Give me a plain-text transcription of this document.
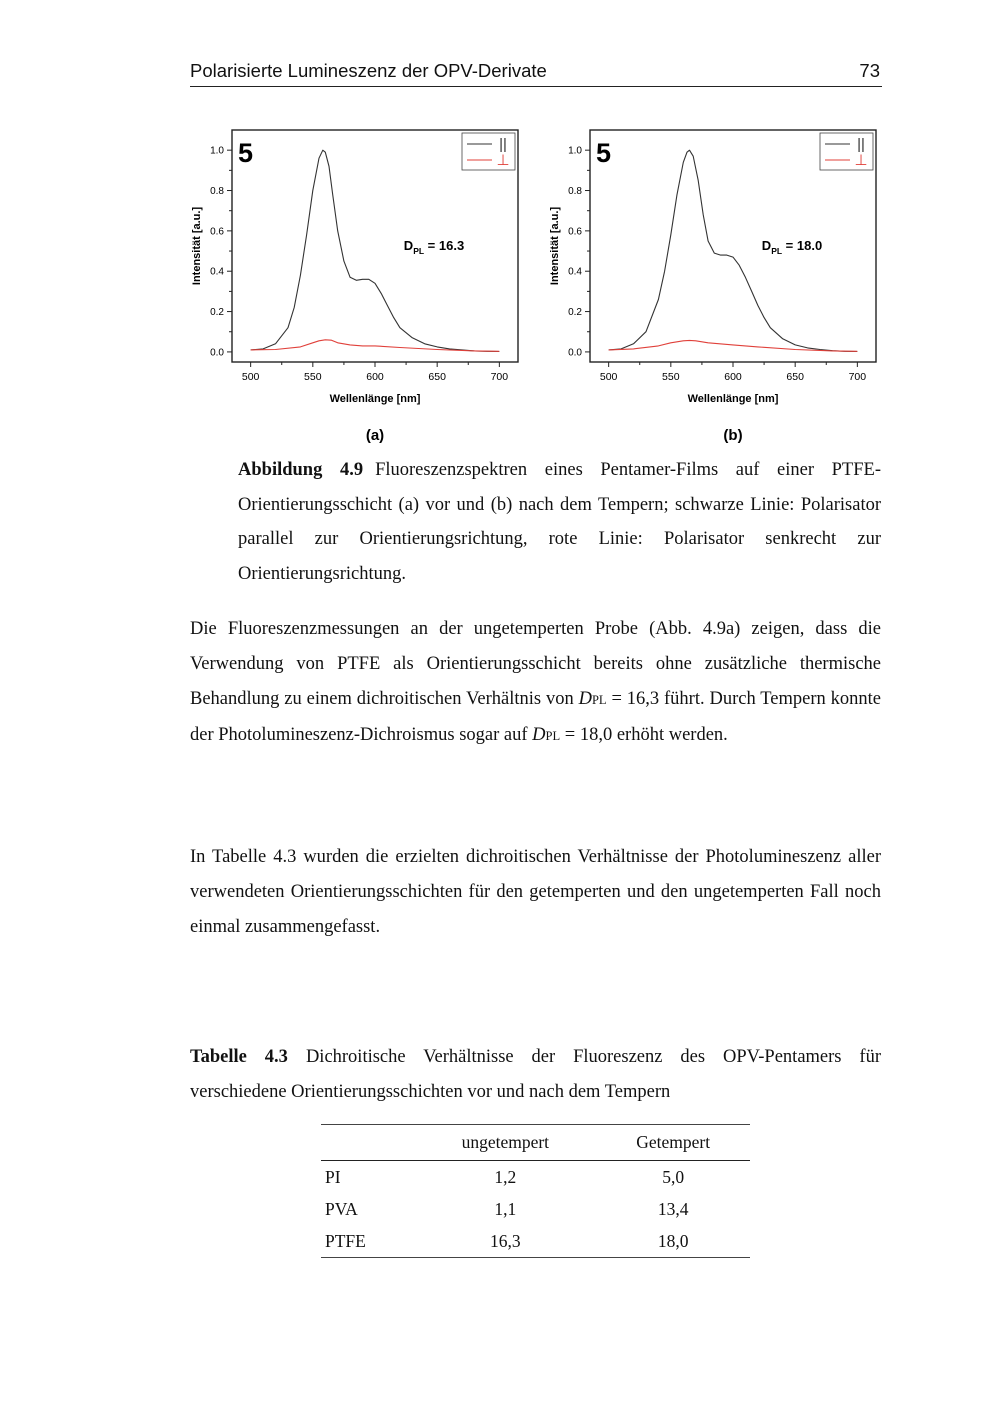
Polarisierte Lumineszenz der OPV-Derivate	73
500	550	600	650	700
0.0
0.2
0.4
0.6
0.8
1.0
Wellenlänge [nm]
Intensität [a.u.]
5
$D_{PL} = 16.3$
||
⊥
(a)
500	550	600	650	700
0.0
0.2
0.4
0.6
0.8
1.0
Wellenlänge [nm]
Intensität [a.u.]
5
$D_{PL} = 18.0$
||
⊥
(b)
Abbildung 4.9 Fluoreszenzspektren eines Pentamer-Films auf einer PTFE-Orientierungsschicht (a) vor und (b) nach dem Tempern; schwarze Linie: Polarisator parallel zur Orientierungsrichtung, rote Linie: Polarisator senkrecht zur Orientierungsrichtung.
Die Fluoreszenzmessungen an der ungetemperten Probe (Abb. 4.9a) zeigen, dass die Verwendung von PTFE als Orientierungsschicht bereits ohne zusätzliche thermische Behandlung zu einem dichroitischen Verhältnis von DPL = 16,3 führt. Durch Tempern konnte der Photolumineszenz-Dichroismus sogar auf DPL = 18,0 erhöht werden.
In Tabelle 4.3 wurden die erzielten dichroitischen Verhältnisse der Photolumineszenz aller verwendeten Orientierungsschichten für den getemperten und den ungetemperten Fall noch einmal zusammengefasst.
Tabelle 4.3 Dichroitische Verhältnisse der Fluoreszenz des OPV-Pentamers für verschiedene Orientierungsschichten vor und nach dem Tempern
	ungetempert	Getempert
PI	1,2	5,0
PVA	1,1	13,4
PTFE	16,3	18,0
